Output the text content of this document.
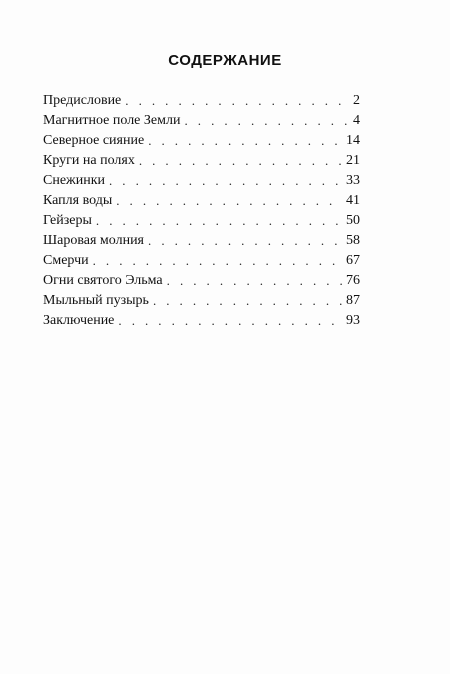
СОДЕРЖАНИЕ
Предисловие . . .	2
Магнитное поле Земли . . .	4
Северное сияние . . .	14
Круги на полях . . .	21
Снежинки . . .	33
Капля воды . . .	41
Гейзеры . . .	50
Шаровая молния . . .	58
Смерчи . . .	67
Огни святого Эльма . . .	76
Мыльный пузырь . . .	87
Заключение . . .	93
